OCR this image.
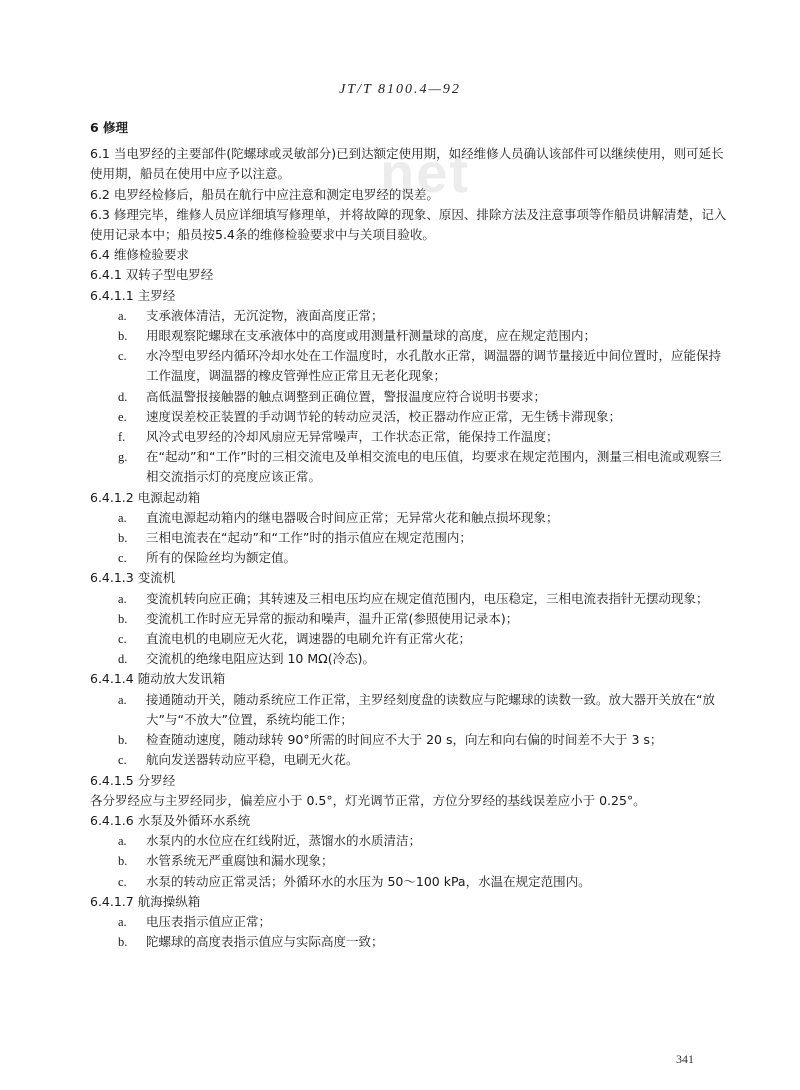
net
JT/T 8100.4—92
6 修理
6.1 当电罗经的主要部件(陀螺球或灵敏部分)已到达额定使用期，如经维修人员确认该部件可以继续使用，则可延长使用期，船员在使用中应予以注意。
6.2 电罗经检修后，船员在航行中应注意和测定电罗经的误差。
6.3 修理完毕，维修人员应详细填写修理单，并将故障的现象、原因、排除方法及注意事项等作船员讲解清楚，记入使用记录本中；船员按5.4条的维修检验要求中与关项目验收。
6.4 维修检验要求
6.4.1 双转子型电罗经
6.4.1.1 主罗经
a.	支承液体清洁，无沉淀物，液面高度正常；
b.	用眼观察陀螺球在支承液体中的高度或用测量杆测量球的高度，应在规定范围内；
c.	水冷型电罗经内循环冷却水处在工作温度时，水孔散水正常，调温器的调节量接近中间位置时，应能保持工作温度，调温器的橡皮管弹性应正常且无老化现象；
d.	高低温警报接触器的触点调整到正确位置，警报温度应符合说明书要求；
e.	速度误差校正装置的手动调节轮的转动应灵活，校正器动作应正常，无生锈卡滞现象；
f.	风冷式电罗经的冷却风扇应无异常噪声，工作状态正常，能保持工作温度；
g.	在“起动”和“工作”时的三相交流电及单相交流电的电压值，均要求在规定范围内，测量三相电流或观察三相交流指示灯的亮度应该正常。
6.4.1.2 电源起动箱
a.	直流电源起动箱内的继电器吸合时间应正常；无异常火花和触点损坏现象；
b.	三相电流表在“起动”和“工作”时的指示值应在规定范围内；
c.	所有的保险丝均为额定值。
6.4.1.3 变流机
a.	变流机转向应正确；其转速及三相电压均应在规定值范围内，电压稳定，三相电流表指针无摆动现象；
b.	变流机工作时应无异常的振动和噪声，温升正常(参照使用记录本)；
c.	直流电机的电刷应无火花，调速器的电刷允许有正常火花；
d.	交流机的绝缘电阻应达到 10 MΩ(冷态)。
6.4.1.4 随动放大发讯箱
a.	接通随动开关，随动系统应工作正常，主罗经刻度盘的读数应与陀螺球的读数一致。放大器开关放在“放大”与“不放大”位置，系统均能工作；
b.	检查随动速度，随动球转 90°所需的时间应不大于 20 s，向左和向右偏的时间差不大于 3 s；
c.	航向发送器转动应平稳，电刷无火花。
6.4.1.5 分罗经
各分罗经应与主罗经同步，偏差应小于 0.5°，灯光调节正常，方位分罗经的基线误差应小于 0.25°。
6.4.1.6 水泵及外循环水系统
a.	水泵内的水位应在红线附近，蒸馏水的水质清洁；
b.	水管系统无严重腐蚀和漏水现象；
c.	水泵的转动应正常灵活；外循环水的水压为 50～100 kPa，水温在规定范围内。
6.4.1.7 航海操纵箱
a.	电压表指示值应正常；
b.	陀螺球的高度表指示值应与实际高度一致；
341
